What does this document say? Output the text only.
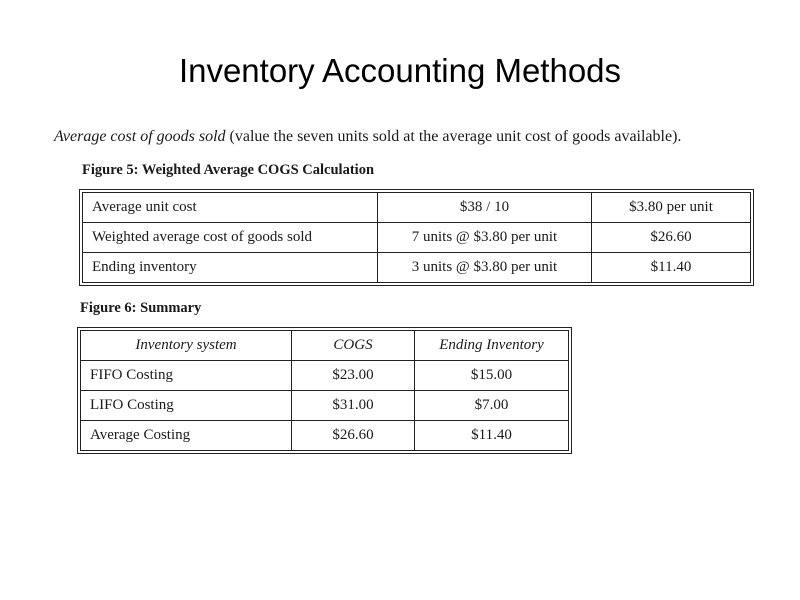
Inventory Accounting Methods
Average cost of goods sold (value the seven units sold at the average unit cost of goods available).
Figure 5: Weighted Average COGS Calculation
Average unit cost	$38 / 10	$3.80 per unit
Weighted average cost of goods sold	7 units @ $3.80 per unit	$26.60
Ending inventory	3 units @ $3.80 per unit	$11.40
Figure 6: Summary
Inventory system	COGS	Ending Inventory
FIFO Costing	$23.00	$15.00
LIFO Costing	$31.00	$7.00
Average Costing	$26.60	$11.40
